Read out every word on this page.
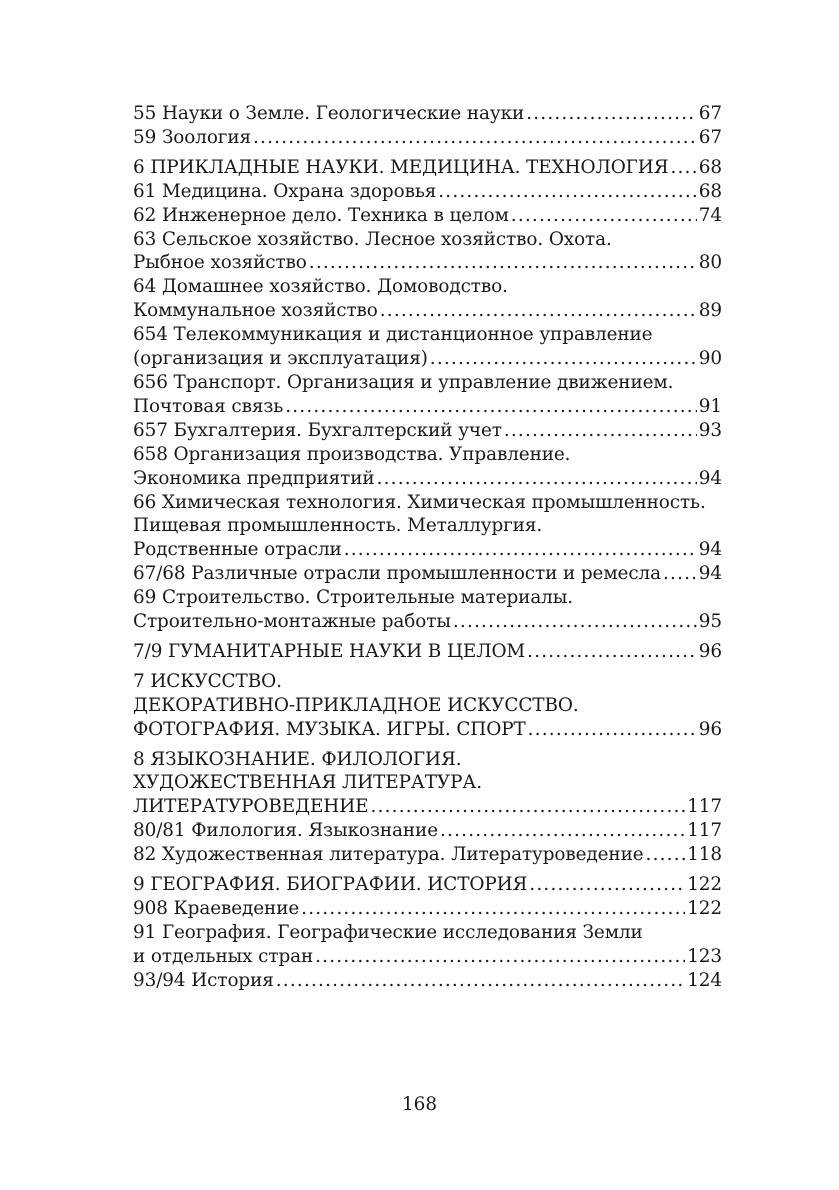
55 Науки о Земле. Геологические науки .....	67
59 Зоология .....	67
6 ПРИКЛАДНЫЕ НАУКИ. МЕДИЦИНА. ТЕХНОЛОГИЯ ..... 68
61 Медицина. Охрана здоровья .....	68
62 Инженерное дело. Техника в целом .....	74
63 Сельское хозяйство. Лесное хозяйство. Охота.
Рыбное хозяйство .....	80
64 Домашнее хозяйство. Домоводство.
Коммунальное хозяйство .....	89
654 Телекоммуникация и дистанционное управление
(организация и эксплуатация) .....	90
656 Транспорт. Организация и управление движением.
Почтовая связь .....	91
657 Бухгалтерия. Бухгалтерский учет .....	93
658 Организация производства. Управление.
Экономика предприятий .....	94
66 Химическая технология. Химическая промышленность.
Пищевая промышленность. Металлургия.
Родственные отрасли .....	94
67/68 Различные отрасли промышленности и ремесла ..... 94
69 Строительство. Строительные материалы.
Строительно-монтажные работы .....	95
7/9 ГУМАНИТАРНЫЕ НАУКИ В ЦЕЛОМ .....	96
7 ИСКУССТВО.
ДЕКОРАТИВНО-ПРИКЛАДНОЕ ИСКУССТВО.
ФОТОГРАФИЯ. МУЗЫКА. ИГРЫ. СПОРТ .....	96
8 ЯЗЫКОЗНАНИЕ. ФИЛОЛОГИЯ.
ХУДОЖЕСТВЕННАЯ ЛИТЕРАТУРА.
ЛИТЕРАТУРОВЕДЕНИЕ .....	117
80/81 Филология. Языкознание .....	117
82 Художественная литература. Литературоведение ..... 118
9 ГЕОГРАФИЯ. БИОГРАФИИ. ИСТОРИЯ .....	122
908 Краеведение .....	122
91 География. Географические исследования Земли
и отдельных стран .....	123
93/94 История .....	124
168
